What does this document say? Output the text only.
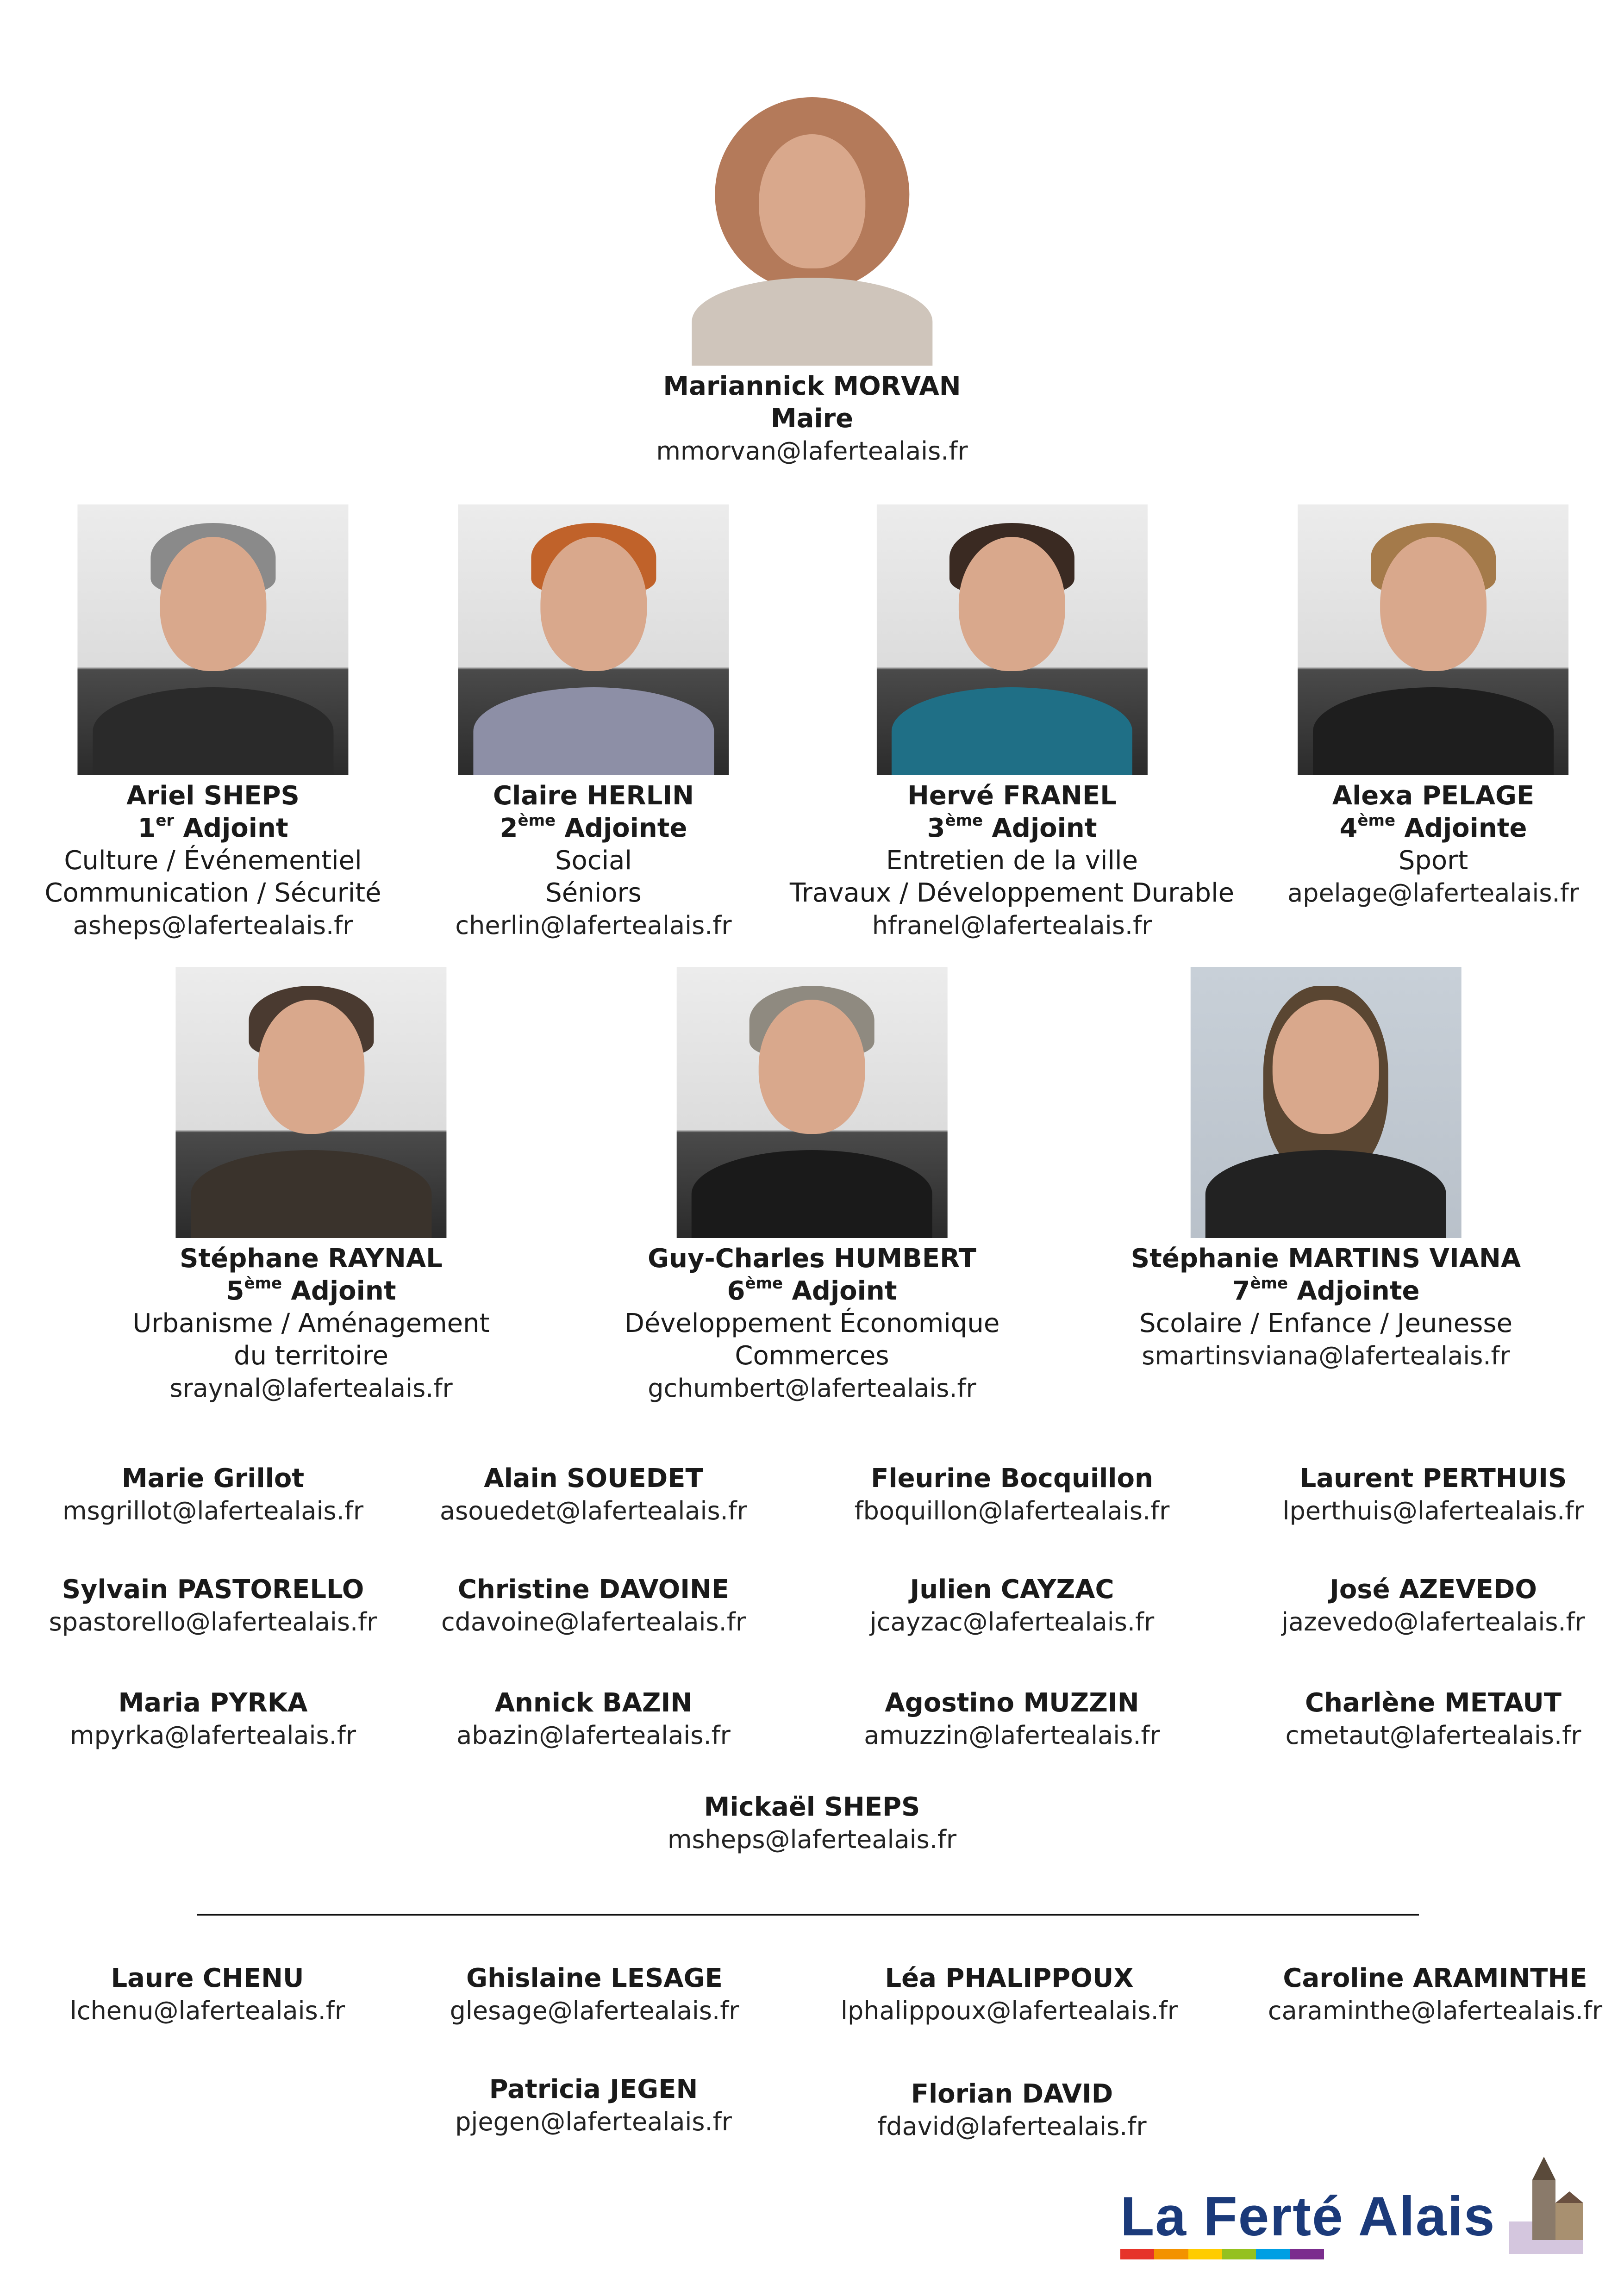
Mariannick MORVAN
Maire
mmorvan@lafertealais.fr
Ariel SHEPS
1er Adjoint
Culture / Événementiel
Communication / Sécurité
asheps@lafertealais.fr
Claire HERLIN
2ème Adjointe
Social
Séniors
cherlin@lafertealais.fr
Hervé FRANEL
3ème Adjoint
Entretien de la ville
Travaux / Développement Durable
hfranel@lafertealais.fr
Alexa PELAGE
4ème Adjointe
Sport
apelage@lafertealais.fr
Stéphane RAYNAL
5ème Adjoint
Urbanisme / Aménagement
du territoire
sraynal@lafertealais.fr
Guy-Charles HUMBERT
6ème Adjoint
Développement Économique
Commerces
gchumbert@lafertealais.fr
Stéphanie MARTINS VIANA
7ème Adjointe
Scolaire / Enfance / Jeunesse
smartinsviana@lafertealais.fr
Marie Grillot
msgrillot@lafertealais.fr
Alain SOUEDET
asouedet@lafertealais.fr
Fleurine Bocquillon
fboquillon@lafertealais.fr
Laurent PERTHUIS
lperthuis@lafertealais.fr
Sylvain PASTORELLO
spastorello@lafertealais.fr
Christine DAVOINE
cdavoine@lafertealais.fr
Julien CAYZAC
jcayzac@lafertealais.fr
José AZEVEDO
jazevedo@lafertealais.fr
Maria PYRKA
mpyrka@lafertealais.fr
Annick BAZIN
abazin@lafertealais.fr
Agostino MUZZIN
amuzzin@lafertealais.fr
Charlène METAUT
cmetaut@lafertealais.fr
Mickaël SHEPS
msheps@lafertealais.fr
Laure CHENU
lchenu@lafertealais.fr
Ghislaine LESAGE
glesage@lafertealais.fr
Léa PHALIPPOUX
lphalippoux@lafertealais.fr
Caroline ARAMINTHE
caraminthe@lafertealais.fr
Patricia JEGEN
pjegen@lafertealais.fr
Florian DAVID
fdavid@lafertealais.fr
La Ferté Alais
